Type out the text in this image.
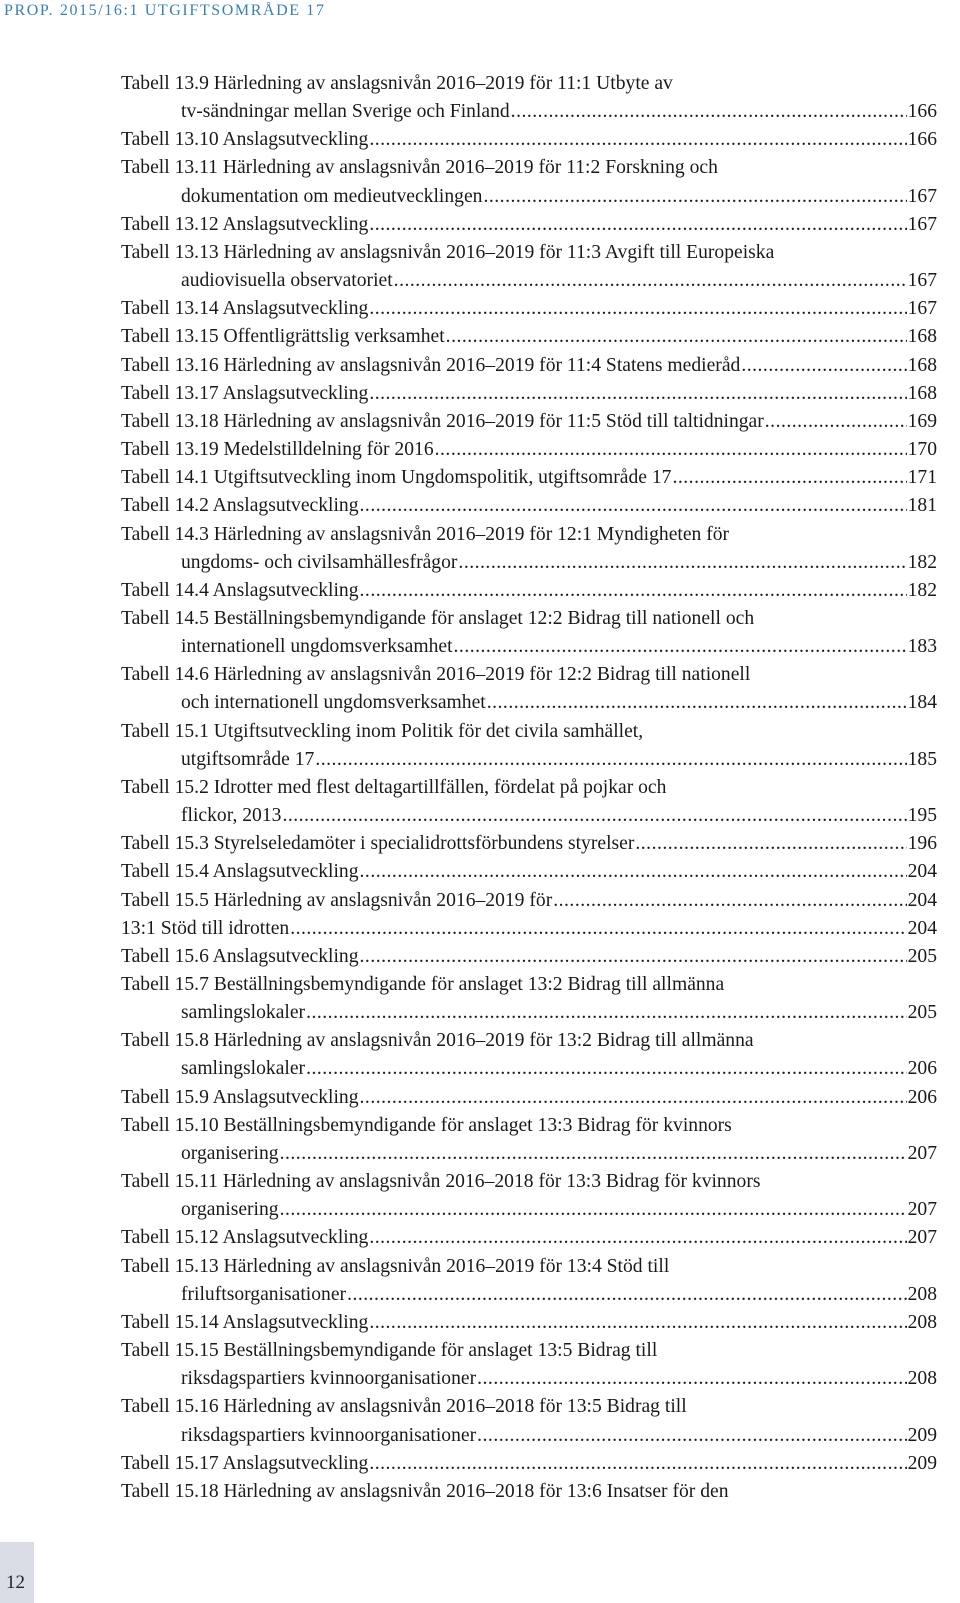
PROP. 2015/16:1 UTGIFTSOMRÅDE 17
Tabell 13.9 Härledning av anslagsnivån 2016–2019 för 11:1 Utbyte av
tv-sändningar mellan Sverige och Finland .....	166
Tabell 13.10 Anslagsutveckling .....	166
Tabell 13.11 Härledning av anslagsnivån 2016–2019 för 11:2 Forskning och
dokumentation om medieutvecklingen .....	167
Tabell 13.12 Anslagsutveckling .....	167
Tabell 13.13 Härledning av anslagsnivån 2016–2019 för 11:3 Avgift till Europeiska
audiovisuella observatoriet .....	167
Tabell 13.14 Anslagsutveckling .....	167
Tabell 13.15 Offentligrättslig verksamhet .....	168
Tabell 13.16 Härledning av anslagsnivån 2016–2019 för 11:4 Statens medieråd .....	168
Tabell 13.17 Anslagsutveckling .....	168
Tabell 13.18 Härledning av anslagsnivån 2016–2019 för 11:5 Stöd till taltidningar .....	169
Tabell 13.19 Medelstilldelning för 2016 .....	170
Tabell 14.1 Utgiftsutveckling inom Ungdomspolitik, utgiftsområde 17 .....	171
Tabell 14.2 Anslagsutveckling .....	181
Tabell 14.3 Härledning av anslagsnivån 2016–2019 för 12:1 Myndigheten för
ungdoms- och civilsamhällesfrågor .....	182
Tabell 14.4 Anslagsutveckling .....	182
Tabell 14.5 Beställningsbemyndigande för anslaget 12:2 Bidrag till nationell och
internationell ungdomsverksamhet .....	183
Tabell 14.6 Härledning av anslagsnivån 2016–2019 för 12:2 Bidrag till nationell
och internationell ungdomsverksamhet .....	184
Tabell 15.1 Utgiftsutveckling inom Politik för det civila samhället,
utgiftsområde 17 .....	185
Tabell 15.2 Idrotter med flest deltagartillfällen, fördelat på pojkar och
flickor, 2013 .....	195
Tabell 15.3 Styrelseledamöter i specialidrottsförbundens styrelser .....	196
Tabell 15.4 Anslagsutveckling .....	204
Tabell 15.5 Härledning av anslagsnivån 2016–2019 för .....	204
13:1 Stöd till idrotten .....	204
Tabell 15.6 Anslagsutveckling .....	205
Tabell 15.7 Beställningsbemyndigande för anslaget 13:2 Bidrag till allmänna
samlingslokaler .....	205
Tabell 15.8 Härledning av anslagsnivån 2016–2019 för 13:2 Bidrag till allmänna
samlingslokaler .....	206
Tabell 15.9 Anslagsutveckling .....	206
Tabell 15.10 Beställningsbemyndigande för anslaget 13:3 Bidrag för kvinnors
organisering .....	207
Tabell 15.11 Härledning av anslagsnivån 2016–2018 för 13:3 Bidrag för kvinnors
organisering .....	207
Tabell 15.12 Anslagsutveckling .....	207
Tabell 15.13 Härledning av anslagsnivån 2016–2019 för 13:4 Stöd till
friluftsorganisationer .....	208
Tabell 15.14 Anslagsutveckling .....	208
Tabell 15.15 Beställningsbemyndigande för anslaget 13:5 Bidrag till
riksdagspartiers kvinnoorganisationer .....	208
Tabell 15.16 Härledning av anslagsnivån 2016–2018 för 13:5 Bidrag till
riksdagspartiers kvinnoorganisationer .....	209
Tabell 15.17 Anslagsutveckling .....	209
Tabell 15.18 Härledning av anslagsnivån 2016–2018 för 13:6 Insatser för den
12
